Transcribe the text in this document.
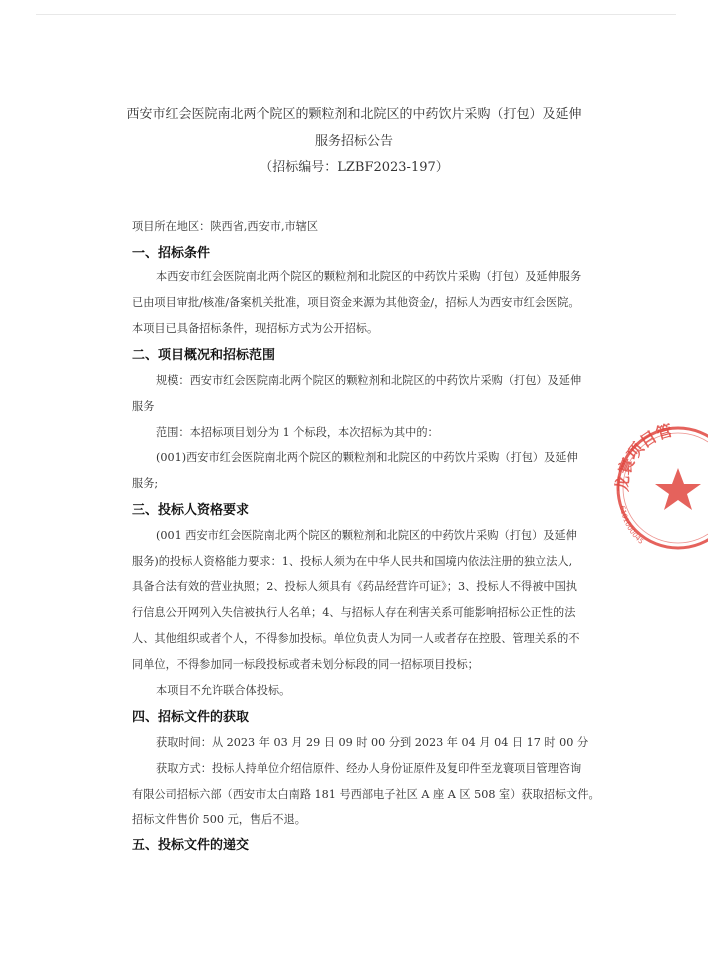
西安市红会医院南北两个院区的颗粒剂和北院区的中药饮片采购（打包）及延伸
服务招标公告
（招标编号：LZBF2023-197）
项目所在地区：陕西省,西安市,市辖区
一、招标条件
本西安市红会医院南北两个院区的颗粒剂和北院区的中药饮片采购（打包）及延伸服务
已由项目审批/核准/备案机关批准，项目资金来源为其他资金/，招标人为西安市红会医院。
本项目已具备招标条件，现招标方式为公开招标。
二、项目概况和招标范围
规模：西安市红会医院南北两个院区的颗粒剂和北院区的中药饮片采购（打包）及延伸
服务
范围：本招标项目划分为 1 个标段，本次招标为其中的：
(001)西安市红会医院南北两个院区的颗粒剂和北院区的中药饮片采购（打包）及延伸
服务;
三、投标人资格要求
(001 西安市红会医院南北两个院区的颗粒剂和北院区的中药饮片采购（打包）及延伸
服务)的投标人资格能力要求：1、投标人须为在中华人民共和国境内依法注册的独立法人,
具备合法有效的营业执照；2、投标人须具有《药品经营许可证》；3、投标人不得被中国执
行信息公开网列入失信被执行人名单；4、与招标人存在利害关系可能影响招标公正性的法
人、其他组织或者个人，不得参加投标。单位负责人为同一人或者存在控股、管理关系的不
同单位，不得参加同一标段投标或者未划分标段的同一招标项目投标；
本项目不允许联合体投标。
四、招标文件的获取
获取时间：从 2023 年 03 月 29 日 09 时 00 分到 2023 年 04 月 04 日 17 时 00 分
获取方式：投标人持单位介绍信原件、经办人身份证原件及复印件至龙寰项目管理咨询
有限公司招标六部（西安市太白南路 181 号西部电子社区 A 座 A 区 508 室）获取招标文件。
招标文件售价 500 元，售后不退。
五、投标文件的递交
龙寰项目管
6101000045
